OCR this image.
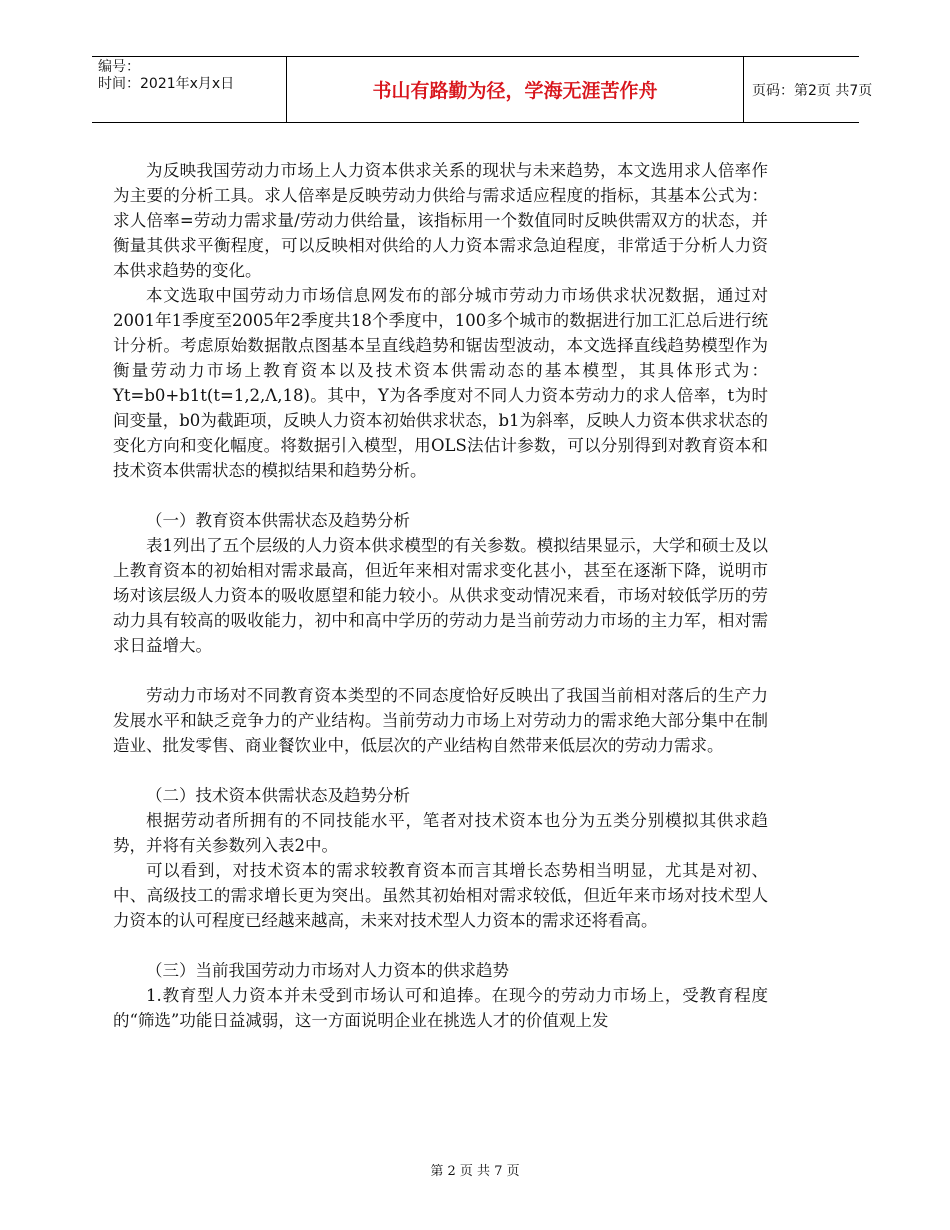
编号：
时间：2021年x月x日	书山有路勤为径，学海无涯苦作舟	页码：第2页 共7页

为反映我国劳动力市场上人力资本供求关系的现状与未来趋势，本文选用求人倍率作为主要的分析工具。求人倍率是反映劳动力供给与需求适应程度的指标，其基本公式为：求人倍率=劳动力需求量/劳动力供给量，该指标用一个数值同时反映供需双方的状态，并衡量其供求平衡程度，可以反映相对供给的人力资本需求急迫程度，非常适于分析人力资本供求趋势的变化。

本文选取中国劳动力市场信息网发布的部分城市劳动力市场供求状况数据，通过对2001年1季度至2005年2季度共18个季度中，100多个城市的数据进行加工汇总后进行统计分析。考虑原始数据散点图基本呈直线趋势和锯齿型波动，本文选择直线趋势模型作为衡量劳动力市场上教育资本以及技术资本供需动态的基本模型，其具体形式为：Yt=b0+b1t(t=1,2,Λ,18)。其中，Y为各季度对不同人力资本劳动力的求人倍率，t为时间变量，b0为截距项，反映人力资本初始供求状态，b1为斜率，反映人力资本供求状态的变化方向和变化幅度。将数据引入模型，用OLS法估计参数，可以分别得到对教育资本和技术资本供需状态的模拟结果和趋势分析。

（一）教育资本供需状态及趋势分析

表1列出了五个层级的人力资本供求模型的有关参数。模拟结果显示，大学和硕士及以上教育资本的初始相对需求最高，但近年来相对需求变化甚小，甚至在逐渐下降，说明市场对该层级人力资本的吸收愿望和能力较小。从供求变动情况来看，市场对较低学历的劳动力具有较高的吸收能力，初中和高中学历的劳动力是当前劳动力市场的主力军，相对需求日益增大。

劳动力市场对不同教育资本类型的不同态度恰好反映出了我国当前相对落后的生产力发展水平和缺乏竞争力的产业结构。当前劳动力市场上对劳动力的需求绝大部分集中在制造业、批发零售、商业餐饮业中，低层次的产业结构自然带来低层次的劳动力需求。

（二）技术资本供需状态及趋势分析

根据劳动者所拥有的不同技能水平，笔者对技术资本也分为五类分别模拟其供求趋势，并将有关参数列入表2中。

可以看到，对技术资本的需求较教育资本而言其增长态势相当明显，尤其是对初、中、高级技工的需求增长更为突出。虽然其初始相对需求较低，但近年来市场对技术型人力资本的认可程度已经越来越高，未来对技术型人力资本的需求还将看高。

（三）当前我国劳动力市场对人力资本的供求趋势

1.教育型人力资本并未受到市场认可和追捧。在现今的劳动力市场上，受教育程度的“筛选”功能日益减弱，这一方面说明企业在挑选人才的价值观上发

第 2 页 共 7 页
